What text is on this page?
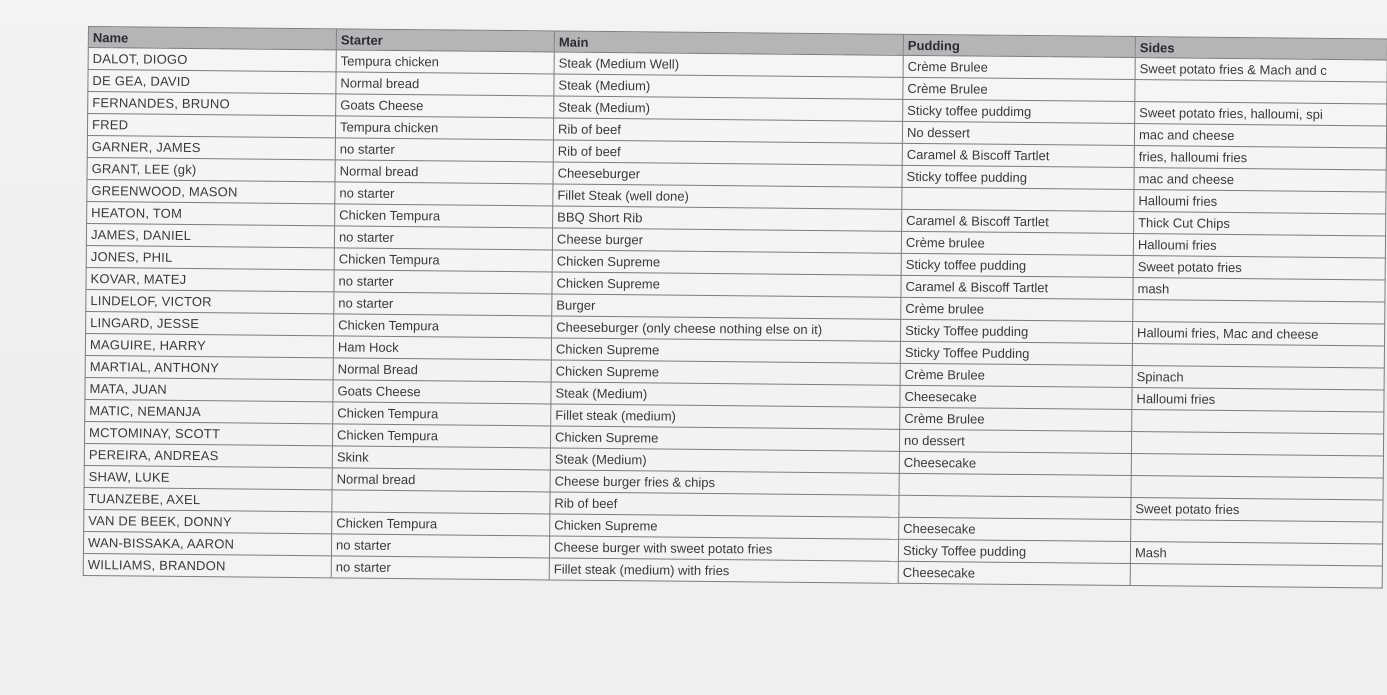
Name	Starter	Main	Pudding	Sides
DALOT, DIOGO	Tempura chicken	Steak (Medium Well)	Crème Brulee	Sweet potato fries & Mach and c
DE GEA, DAVID	Normal bread	Steak (Medium)	Crème Brulee	
FERNANDES, BRUNO	Goats Cheese	Steak (Medium)	Sticky toffee puddimg	Sweet potato fries, halloumi, spi
FRED	Tempura chicken	Rib of beef	No dessert	mac and cheese
GARNER, JAMES	no starter	Rib of beef	Caramel & Biscoff Tartlet	fries, halloumi fries
GRANT, LEE (gk)	Normal bread	Cheeseburger	Sticky toffee pudding	mac and cheese
GREENWOOD, MASON	no starter	Fillet Steak (well done)		Halloumi fries
HEATON, TOM	Chicken Tempura	BBQ Short Rib	Caramel & Biscoff Tartlet	Thick Cut Chips
JAMES, DANIEL	no starter	Cheese burger	Crème brulee	Halloumi fries
JONES, PHIL	Chicken Tempura	Chicken Supreme	Sticky toffee pudding	Sweet potato fries
KOVAR, MATEJ	no starter	Chicken Supreme	Caramel & Biscoff Tartlet	mash
LINDELOF, VICTOR	no starter	Burger	Crème brulee	
LINGARD, JESSE	Chicken Tempura	Cheeseburger (only cheese nothing else on it)	Sticky Toffee pudding	Halloumi fries, Mac and cheese
MAGUIRE, HARRY	Ham Hock	Chicken Supreme	Sticky Toffee Pudding	
MARTIAL, ANTHONY	Normal Bread	Chicken Supreme	Crème Brulee	Spinach
MATA, JUAN	Goats Cheese	Steak (Medium)	Cheesecake	Halloumi fries
MATIC, NEMANJA	Chicken Tempura	Fillet steak (medium)	Crème Brulee	
MCTOMINAY, SCOTT	Chicken Tempura	Chicken Supreme	no dessert	
PEREIRA, ANDREAS	Skink	Steak (Medium)	Cheesecake	
SHAW, LUKE	Normal bread	Cheese burger fries & chips		
TUANZEBE, AXEL		Rib of beef		Sweet potato fries
VAN DE BEEK, DONNY	Chicken Tempura	Chicken Supreme	Cheesecake	
WAN-BISSAKA, AARON	no starter	Cheese burger with sweet potato fries	Sticky Toffee pudding	Mash
WILLIAMS, BRANDON	no starter	Fillet steak (medium) with fries	Cheesecake	
